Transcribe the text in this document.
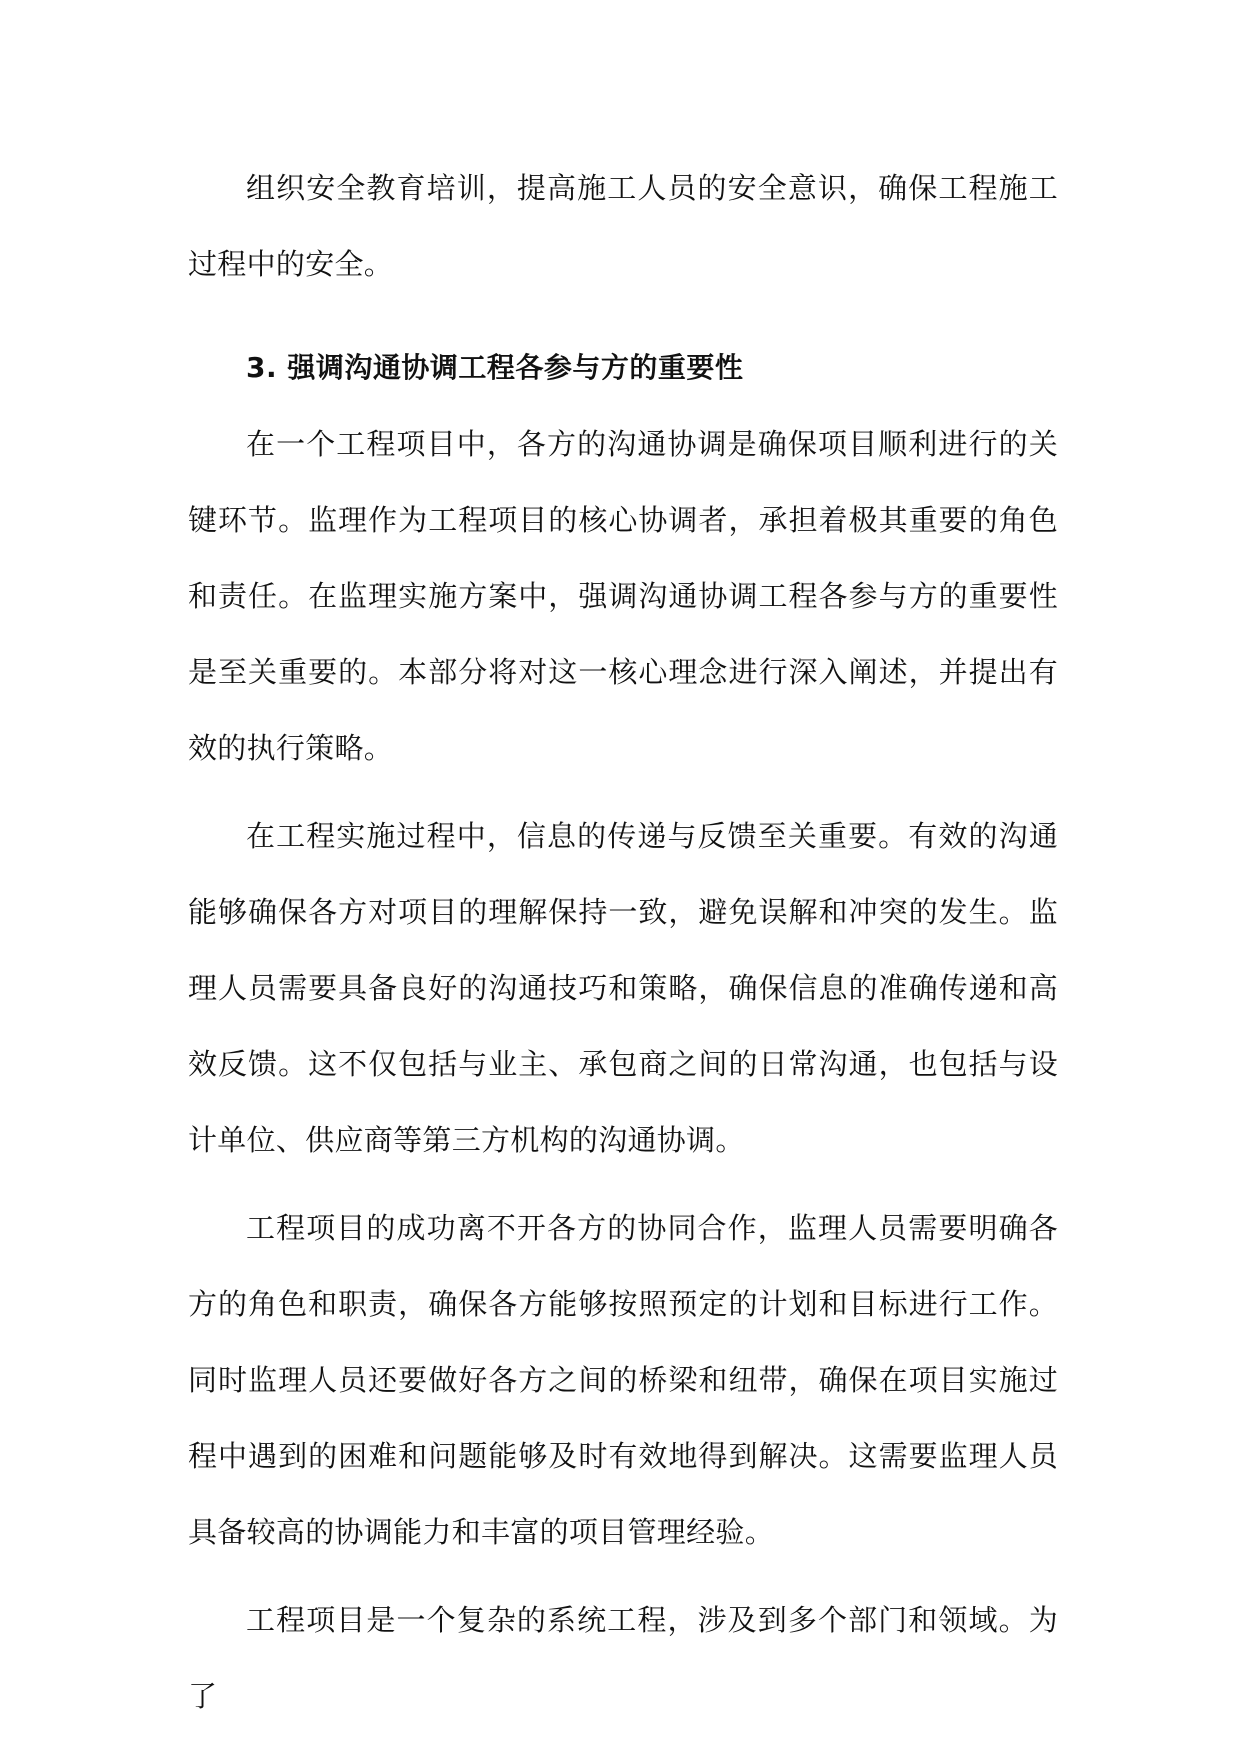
组织安全教育培训，提高施工人员的安全意识，确保工程施工过程中的安全。

3. 强调沟通协调工程各参与方的重要性

在一个工程项目中，各方的沟通协调是确保项目顺利进行的关键环节。监理作为工程项目的核心协调者，承担着极其重要的角色和责任。在监理实施方案中，强调沟通协调工程各参与方的重要性是至关重要的。本部分将对这一核心理念进行深入阐述，并提出有效的执行策略。

在工程实施过程中，信息的传递与反馈至关重要。有效的沟通能够确保各方对项目的理解保持一致，避免误解和冲突的发生。监理人员需要具备良好的沟通技巧和策略，确保信息的准确传递和高效反馈。这不仅包括与业主、承包商之间的日常沟通，也包括与设计单位、供应商等第三方机构的沟通协调。

工程项目的成功离不开各方的协同合作，监理人员需要明确各方的角色和职责，确保各方能够按照预定的计划和目标进行工作。同时监理人员还要做好各方之间的桥梁和纽带，确保在项目实施过程中遇到的困难和问题能够及时有效地得到解决。这需要监理人员具备较高的协调能力和丰富的项目管理经验。

工程项目是一个复杂的系统工程，涉及到多个部门和领域。为了
